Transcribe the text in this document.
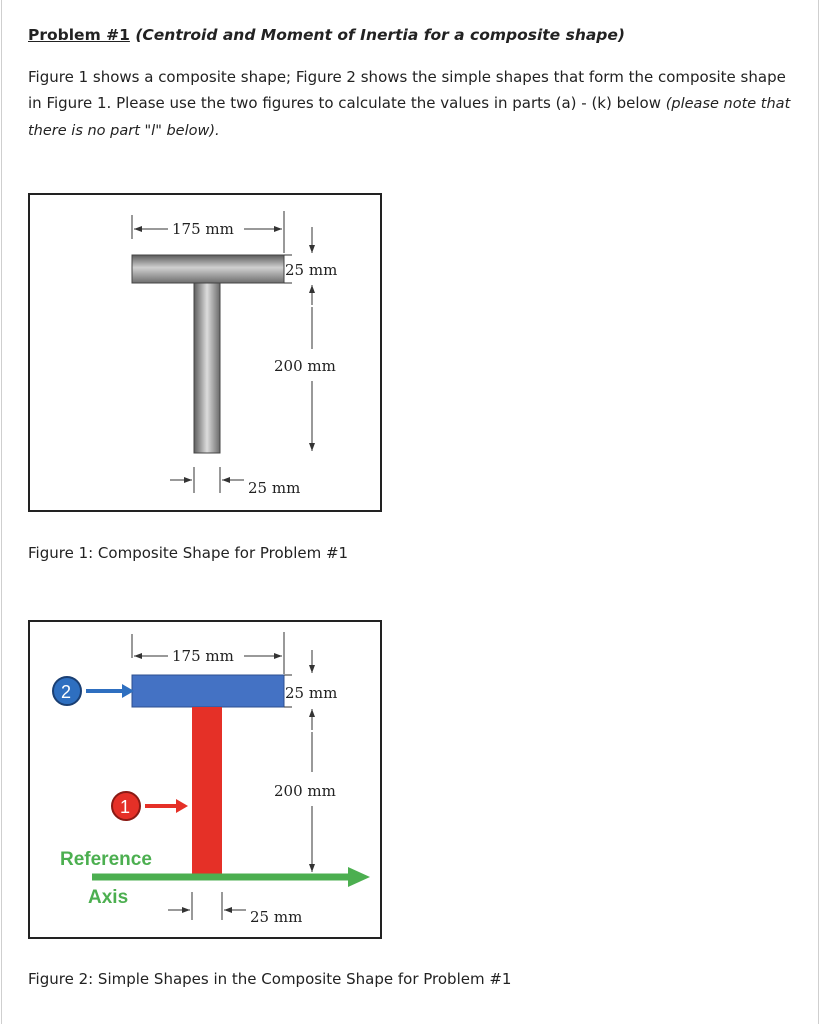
Problem #1 (Centroid and Moment of Inertia for a composite shape)
Figure 1 shows a composite shape; Figure 2 shows the simple shapes that form the composite shape in Figure 1. Please use the two figures to calculate the values in parts (a) - (k) below (please note that there is no part "l" below).
175 mm
25 mm
200 mm
25 mm
Figure 1: Composite Shape for Problem #1
2
1
Reference
Axis
175 mm
25 mm
200 mm
25 mm
Figure 2: Simple Shapes in the Composite Shape for Problem #1
